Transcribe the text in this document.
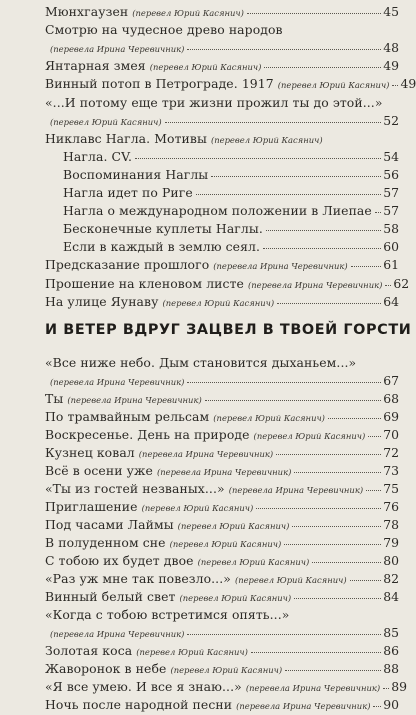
Мюнхгаузен (перевел Юрий Касянич)	45
Смотрю на чудесное древо народов
(перевела Ирина Черевичник)	48
Янтарная змея (перевел Юрий Касянич)	49
Винный потоп в Петрограде. 1917 (перевел Юрий Касянич) 49
«...И потому еще три жизни прожил ты до этой...»
(перевел Юрий Касянич)	52
Никлавс Нагла. Мотивы (перевел Юрий Касянич)
Нагла. CV.	54
Воспоминания Наглы	56
Нагла идет по Риге	57
Нагла о международном положении в Лиепае 57
Бесконечные куплеты Наглы.	58
Если в каждый в землю сеял.	60
Предсказание прошлого (перевела Ирина Черевичник)	61
Прошение на кленовом листе (перевела Ирина Черевичник) 62
На улице Яунаву (перевел Юрий Касянич)	64
И ВЕТЕР ВДРУГ ЗАЦВЕЛ В ТВОЕЙ ГОРСТИ
«Все ниже небо. Дым становится дыханьем...»
(перевела Ирина Черевичник)	67
Ты (перевела Ирина Черевичник)	68
По трамвайным рельсам (перевел Юрий Касянич)	69
Воскресенье. День на природе (перевел Юрий Касянич) 70
Кузнец ковал (перевела Ирина Черевичник)	72
Всё в осени уже (перевела Ирина Черевичник)	73
«Ты из гостей незваных...» (перевела Ирина Черевичник) 75
Приглашение (перевел Юрий Касянич)	76
Под часами Лаймы (перевел Юрий Касянич)	78
В полуденном сне (перевел Юрий Касянич)	79
С тобою их будет двое (перевел Юрий Касянич)	80
«Раз уж мне так повезло...» (перевел Юрий Касянич)	82
Винный белый свет (перевел Юрий Касянич)	84
«Когда с тобою встретимся опять...»
(перевела Ирина Черевичник)	85
Золотая коса (перевел Юрий Касянич)	86
Жаворонок в небе (перевел Юрий Касянич)	88
«Я все умею. И все я знаю...» (перевела Ирина Черевичник) 89
Ночь после народной песни (перевела Ирина Черевичник) 90
